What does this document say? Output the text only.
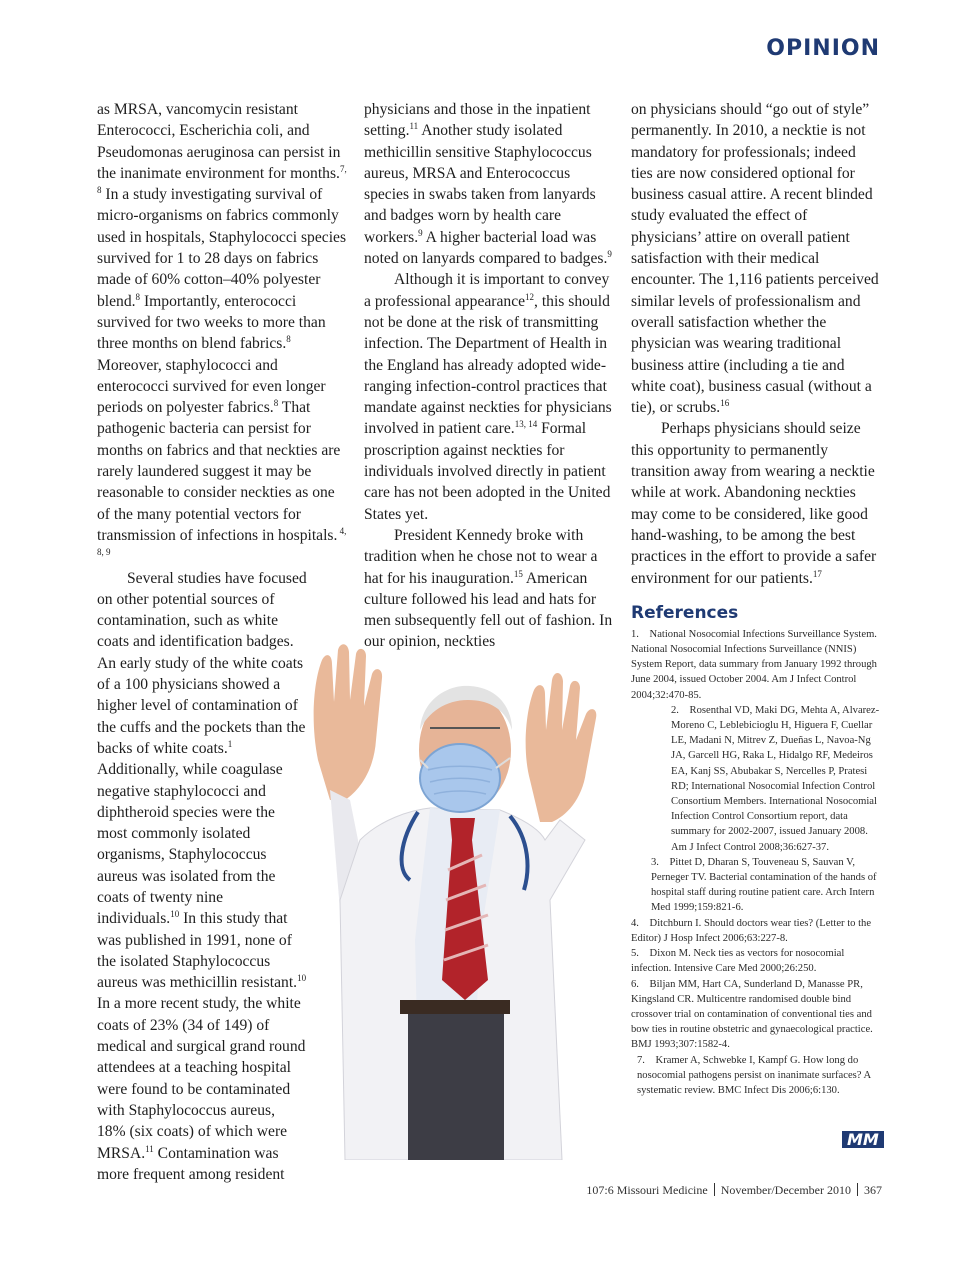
OPINION

as MRSA, vancomycin resistant Enterococci, Escherichia coli, and Pseudomonas aeruginosa can persist in the inanimate environment for months.$^{7, 8}$ In a study investigating survival of micro-organisms on fabrics commonly used in hospitals, Staphylococci species survived for 1 to 28 days on fabrics made of 60% cotton–40% polyester blend.$^8$ Importantly, enterococci survived for two weeks to more than three months on blend fabrics.$^8$ Moreover, staphylococci and enterococci survived for even longer periods on polyester fabrics.$^8$ That pathogenic bacteria can persist for months on fabrics and that neckties are rarely laundered suggest it may be reasonable to consider neckties as one of the many potential vectors for transmission of infections in hospitals. $^{4, 8, 9}$

Several studies have focused on other potential sources of contamination, such as white coats and identification badges. An early study of the white coats of a 100 physicians showed a higher level of contamination of the cuffs and the pockets than the backs of white coats.$^1$ Additionally, while coagulase negative staphylococci and diphtheroid species were the most commonly isolated organisms, Staphylococcus aureus was isolated from the coats of twenty nine individuals.$^{10}$ In this study that was published in 1991, none of the isolated Staphylococcus aureus was methicillin resistant.$^{10}$ In a more recent study, the white coats of 23% (34 of 149) of medical and surgical grand round attendees at a teaching hospital were found to be contaminated with Staphylococcus aureus, 18% (six coats) of which were MRSA.$^{11}$ Contamination was more frequent among resident

physicians and those in the inpatient setting.$^{11}$ Another study isolated methicillin sensitive Staphylococcus aureus, MRSA and Enterococcus species in swabs taken from lanyards and badges worn by health care workers.$^9$ A higher bacterial load was noted on lanyards compared to badges.$^9$

Although it is important to convey a professional appearance$^{12}$, this should not be done at the risk of transmitting infection. The Department of Health in the England has already adopted wide-ranging infection-control practices that mandate against neckties for physicians involved in patient care.$^{13, 14}$ Formal proscription against neckties for individuals involved directly in patient care has not been adopted in the United States yet.

President Kennedy broke with tradition when he chose not to wear a hat for his inauguration.$^{15}$ American culture followed his lead and hats for men subsequently fell out of fashion. In our opinion, neckties

on physicians should “go out of style” permanently. In 2010, a necktie is not mandatory for professionals; indeed ties are now considered optional for business casual attire. A recent blinded study evaluated the effect of physicians’ attire on overall patient satisfaction with their medical encounter. The 1,116 patients perceived similar levels of professionalism and overall satisfaction whether the physician was wearing traditional business attire (including a tie and white coat), business casual (without a tie), or scrubs.$^{16}$

Perhaps physicians should seize this opportunity to permanently transition away from wearing a necktie while at work. Abandoning neckties may come to be considered, like good hand-washing, to be among the best practices in the effort to provide a safer environment for our patients.$^{17}$

References
1. National Nosocomial Infections Surveillance System. National Nosocomial Infections Surveillance (NNIS) System Report, data summary from January 1992 through June 2004, issued October 2004. Am J Infect Control 2004;32:470-85.
2. Rosenthal VD, Maki DG, Mehta A, Alvarez-Moreno C, Leblebicioglu H, Higuera F, Cuellar LE, Madani N, Mitrev Z, Dueñas L, Navoa-Ng JA, Garcell HG, Raka L, Hidalgo RF, Medeiros EA, Kanj SS, Abubakar S, Nercelles P, Pratesi RD; International Nosocomial Infection Control Consortium Members. International Nosocomial Infection Control Consortium report, data summary for 2002-2007, issued January 2008. Am J Infect Control 2008;36:627-37.
3. Pittet D, Dharan S, Touveneau S, Sauvan V, Perneger TV. Bacterial contamination of the hands of hospital staff during routine patient care. Arch Intern Med 1999;159:821-6.
4. Ditchburn I. Should doctors wear ties? (Letter to the Editor) J Hosp Infect 2006;63:227-8.
5. Dixon M. Neck ties as vectors for nosocomial infection. Intensive Care Med 2000;26:250.
6. Biljan MM, Hart CA, Sunderland D, Manasse PR, Kingsland CR. Multicentre randomised double bind crossover trial on contamination of conventional ties and bow ties in routine obstetric and gynaecological practice. BMJ 1993;307:1582-4.
7. Kramer A, Schwebke I, Kampf G. How long do nosocomial pathogens persist on inanimate surfaces? A systematic review. BMC Infect Dis 2006;6:130.
MM
107:6 Missouri Medicine November/December 2010 367
